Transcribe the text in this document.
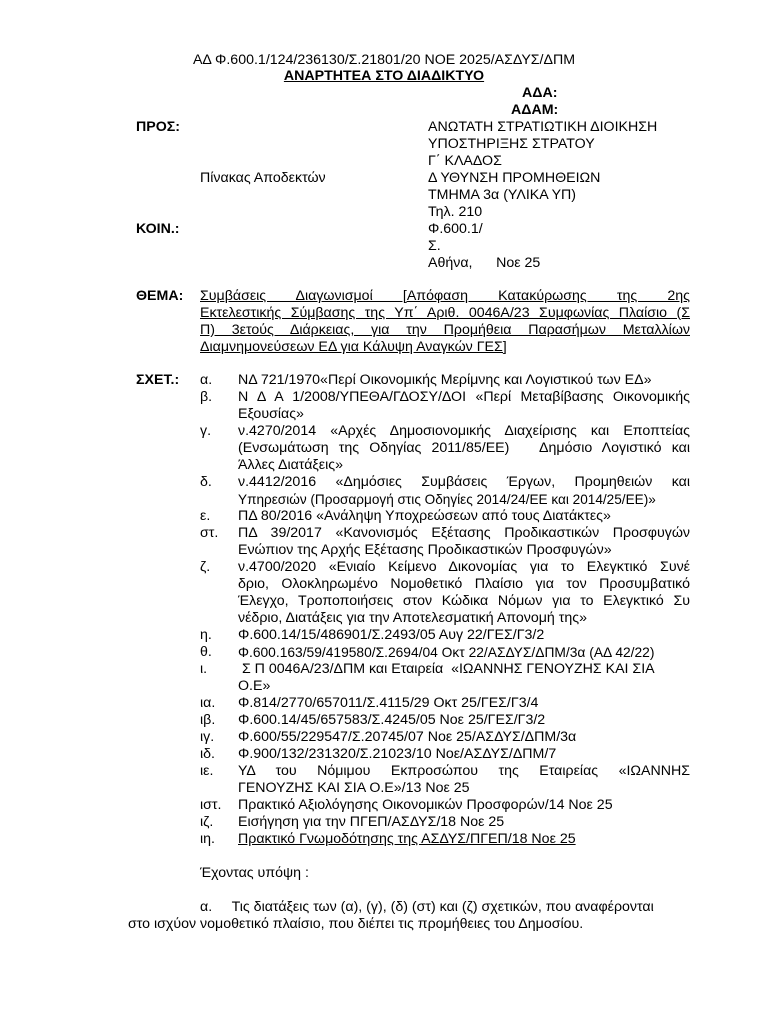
ΑΔ Φ.600.1/124/236130/Σ.21801/20 ΝΟΕ 2025/ΑΣΔΥΣ/ΔΠΜ
ΑΝΑΡΤΗΤΕΑ ΣΤΟ ΔΙΑΔΙΚΤΥΟ
ΑΔΑ:
ΑΔΑΜ:
ΠΡΟΣ:	ΑΝΩΤΑΤΗ ΣΤΡΑΤΙΩΤΙΚΗ ΔΙΟΙΚΗΣΗ
ΥΠΟΣΤΗΡΙΞΗΣ ΣΤΡΑΤΟΥ
Γ΄ ΚΛΑΔΟΣ
Πίνακας Αποδεκτών	Δ ΥΘΥΝΣΗ ΠΡΟΜΗΘΕΙΩΝ
ΤΜΗΜΑ 3α (ΥΛΙΚΑ ΥΠ)
Τηλ. 210
ΚΟΙΝ.:	Φ.600.1/
Σ.
Αθήνα,      Νοε 25
ΘΕΜΑ: Συμβάσεις Διαγωνισμοί [Απόφαση Κατακύρωσης της 2ης
Εκτελεστικής Σύμβασης της Υπ΄ Αριθ. 0046Α/23 Συμφωνίας Πλαίσιο (Σ
Π) 3ετούς Διάρκειας, για την Προμήθεια Παρασήμων Μεταλλίων
Διαμνημονεύσεων ΕΔ για Κάλυψη Αναγκών ΓΕΣ]
ΣΧΕΤ.: α. ΝΔ 721/1970«Περί Οικονομικής Μερίμνης και Λογιστικού των ΕΔ»
β. Ν Δ Α 1/2008/ΥΠΕΘΑ/ΓΔΟΣΥ/ΔΟΙ «Περί Μεταβίβασης Οικονομικής
Εξουσίας»
γ. ν.4270/2014 «Αρχές Δημοσιονομικής Διαχείρισης και Εποπτείας
(Ενσωμάτωση της Οδηγίας 2011/85/ΕΕ)   Δημόσιο Λογιστικό και
Άλλες Διατάξεις»
δ. ν.4412/2016 «Δημόσιες Συμβάσεις Έργων, Προμηθειών και
Υπηρεσιών (Προσαρμογή στις Οδηγίες 2014/24/ΕΕ και 2014/25/ΕΕ)»
ε. ΠΔ 80/2016 «Ανάληψη Υποχρεώσεων από τους Διατάκτες»
στ. ΠΔ 39/2017 «Κανονισμός Εξέτασης Προδικαστικών Προσφυγών
Ενώπιον της Αρχής Εξέτασης Προδικαστικών Προσφυγών»
ζ. ν.4700/2020 «Ενιαίο Κείμενο Δικονομίας για το Ελεγκτικό Συνέ
δριο, Ολοκληρωμένο Νομοθετικό Πλαίσιο για τον Προσυμβατικό
Έλεγχο, Τροποποιήσεις στον Κώδικα Νόμων για το Ελεγκτικό Συ
νέδριο, Διατάξεις για την Αποτελεσματική Απονομή της»
η. Φ.600.14/15/486901/Σ.2493/05 Αυγ 22/ΓΕΣ/Γ3/2
θ. Φ.600.163/59/419580/Σ.2694/04 Οκτ 22/ΑΣΔΥΣ/ΔΠΜ/3α (ΑΔ 42/22)
ι. Σ Π 0046Α/23/ΔΠΜ και Εταιρεία  «ΙΩΑΝΝΗΣ ΓΕΝΟΥΖΗΣ ΚΑΙ ΣΙΑ
Ο.Ε»
ια. Φ.814/2770/657011/Σ.4115/29 Οκτ 25/ΓΕΣ/Γ3/4
ιβ. Φ.600.14/45/657583/Σ.4245/05 Νοε 25/ΓΕΣ/Γ3/2
ιγ. Φ.600/55/229547/Σ.20745/07 Νοε 25/ΑΣΔΥΣ/ΔΠΜ/3α
ιδ. Φ.900/132/231320/Σ.21023/10 Νοε/ΑΣΔΥΣ/ΔΠΜ/7
ιε. ΥΔ του Νόμιμου Εκπροσώπου της Εταιρείας «ΙΩΑΝΝΗΣ
ΓΕΝΟΥΖΗΣ ΚΑΙ ΣΙΑ Ο.Ε»/13 Νοε 25
ιστ. Πρακτικό Αξιολόγησης Οικονομικών Προσφορών/14 Νοε 25
ιζ. Εισήγηση για την ΠΓΕΠ/ΑΣΔΥΣ/18 Νοε 25
ιη. Πρακτικό Γνωμοδότησης της ΑΣΔΥΣ/ΠΓΕΠ/18 Νοε 25
Έχοντας υπόψη :
α.     Τις διατάξεις των (α), (γ), (δ) (στ) και (ζ) σχετικών, που αναφέρονται
στο ισχύον νομοθετικό πλαίσιο, που διέπει τις προμήθειες του Δημοσίου.
